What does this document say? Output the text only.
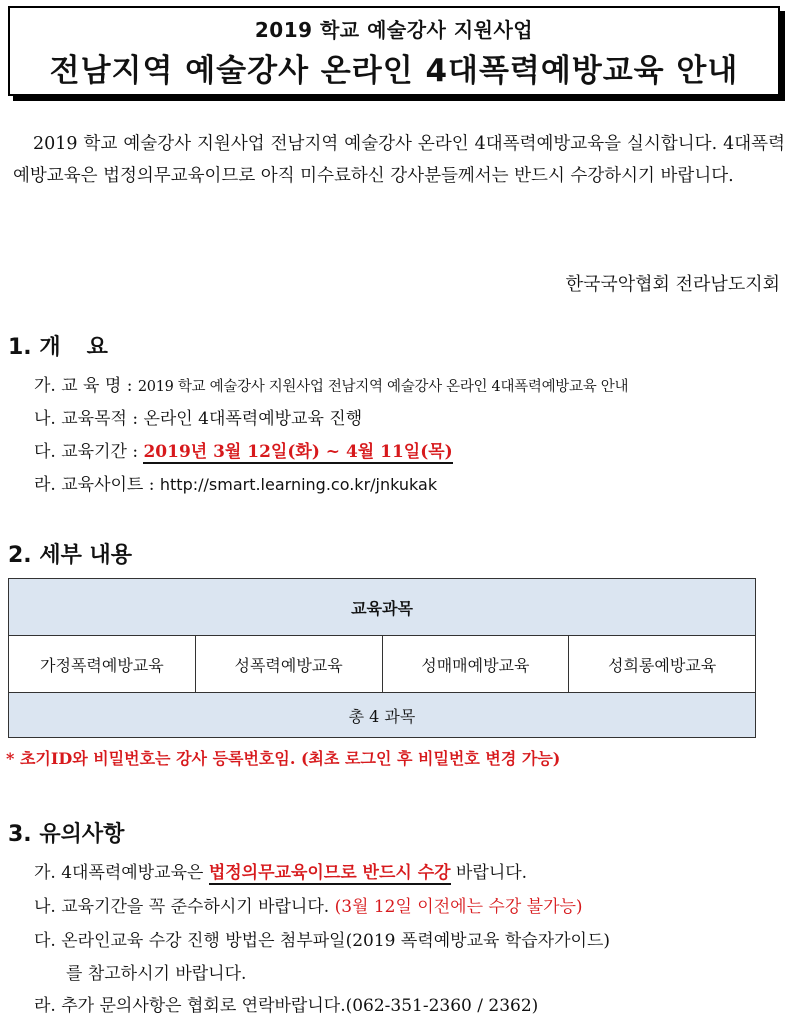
2019 학교 예술강사 지원사업
전남지역 예술강사 온라인 4대폭력예방교육 안내

2019 학교 예술강사 지원사업 전남지역 예술강사 온라인 4대폭력예방교육을 실시합니다. 4대폭력예방교육은 법정의무교육이므로 아직 미수료하신 강사분들께서는 반드시 수강하시기 바랍니다.

한국국악협회 전라남도지회
1. 개 요
가. 교 육 명 : 2019 학교 예술강사 지원사업 전남지역 예술강사 온라인 4대폭력예방교육 안내
나. 교육목적 : 온라인 4대폭력예방교육 진행
다. 교육기간 : 2019년 3월 12일(화) ~ 4월 11일(목)
라. 교육사이트 : http://smart.learning.co.kr/jnkukak
2. 세부 내용
교육과목
가정폭력예방교육	성폭력예방교육	성매매예방교육	성희롱예방교육
총 4 과목
* 초기ID와 비밀번호는 강사 등록번호임. (최초 로그인 후 비밀번호 변경 가능)
3. 유의사항
가. 4대폭력예방교육은 법정의무교육이므로 반드시 수강 바랍니다.
나. 교육기간을 꼭 준수하시기 바랍니다. (3월 12일 이전에는 수강 불가능)
다. 온라인교육 수강 진행 방법은 첨부파일(2019 폭력예방교육 학습자가이드)
를 참고하시기 바랍니다.
라. 추가 문의사항은 협회로 연락바랍니다.(062-351-2360 / 2362)
